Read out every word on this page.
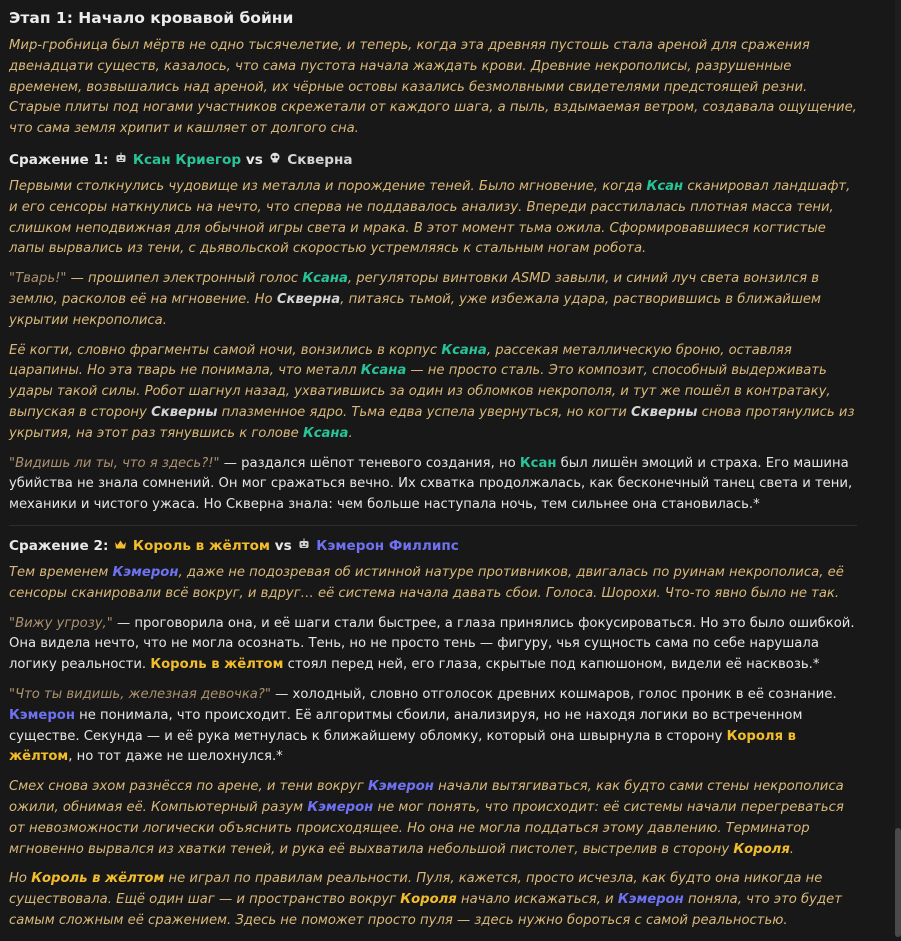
Этап 1: Начало кровавой бойни

Мир-гробница был мёртв не одно тысячелетие, и теперь, когда эта древняя пустошь стала ареной для сражения двенадцати существ, казалось, что сама пустота начала жаждать крови. Древние некрополисы, разрушенные временем, возвышались над ареной, их чёрные остовы казались безмолвными свидетелями предстоящей резни. Старые плиты под ногами участников скрежетали от каждого шага, а пыль, вздымаемая ветром, создавала ощущение, что сама земля хрипит и кашляет от долгого сна.

Сражение 1: Ксан Криегор vs Скверна

Первыми столкнулись чудовище из металла и порождение теней. Было мгновение, когда Ксан сканировал ландшафт, и его сенсоры наткнулись на нечто, что сперва не поддавалось анализу. Впереди расстилалась плотная масса тени, слишком неподвижная для обычной игры света и мрака. В этот момент тьма ожила. Сформировавшиеся когтистые лапы вырвались из тени, с дьявольской скоростью устремляясь к стальным ногам робота.

"Тварь!" — прошипел электронный голос Ксана, регуляторы винтовки ASMD завыли, и синий луч света вонзился в землю, расколов её на мгновение. Но Скверна, питаясь тьмой, уже избежала удара, растворившись в ближайшем укрытии некрополиса.

Её когти, словно фрагменты самой ночи, вонзились в корпус Ксана, рассекая металлическую броню, оставляя царапины. Но эта тварь не понимала, что металл Ксана — не просто сталь. Это композит, способный выдерживать удары такой силы. Робот шагнул назад, ухватившись за один из обломков некрополя, и тут же пошёл в контратаку, выпуская в сторону Скверны плазменное ядро. Тьма едва успела увернуться, но когти Скверны снова протянулись из укрытия, на этот раз тянувшись к голове Ксана.

"Видишь ли ты, что я здесь?!" — раздался шёпот теневого создания, но Ксан был лишён эмоций и страха. Его машина убийства не знала сомнений. Он мог сражаться вечно. Их схватка продолжалась, как бесконечный танец света и тени, механики и чистого ужаса. Но Скверна знала: чем больше наступала ночь, тем сильнее она становилась.*

Сражение 2: Король в жёлтом vs Кэмерон Филлипс

Тем временем Кэмерон, даже не подозревая об истинной натуре противников, двигалась по руинам некрополиса, её сенсоры сканировали всё вокруг, и вдруг… её система начала давать сбои. Голоса. Шорохи. Что-то явно было не так.

"Вижу угрозу," — проговорила она, и её шаги стали быстрее, а глаза принялись фокусироваться. Но это было ошибкой. Она видела нечто, что не могла осознать. Тень, но не просто тень — фигуру, чья сущность сама по себе нарушала логику реальности. Король в жёлтом стоял перед ней, его глаза, скрытые под капюшоном, видели её насквозь.*

"Что ты видишь, железная девочка?" — холодный, словно отголосок древних кошмаров, голос проник в её сознание. Кэмерон не понимала, что происходит. Её алгоритмы сбоили, анализируя, но не находя логики во встреченном существе. Секунда — и её рука метнулась к ближайшему обломку, который она швырнула в сторону Короля в жёлтом, но тот даже не шелохнулся.*

Смех снова эхом разнёсся по арене, и тени вокруг Кэмерон начали вытягиваться, как будто сами стены некрополиса ожили, обнимая её. Компьютерный разум Кэмерон не мог понять, что происходит: её системы начали перегреваться от невозможности логически объяснить происходящее. Но она не могла поддаться этому давлению. Терминатор мгновенно вырвался из хватки теней, и рука её выхватила небольшой пистолет, выстрелив в сторону Короля.

Но Король в жёлтом не играл по правилам реальности. Пуля, кажется, просто исчезла, как будто она никогда не существовала. Ещё один шаг — и пространство вокруг Короля начало искажаться, и Кэмерон поняла, что это будет самым сложным её сражением. Здесь не поможет просто пуля — здесь нужно бороться с самой реальностью.
